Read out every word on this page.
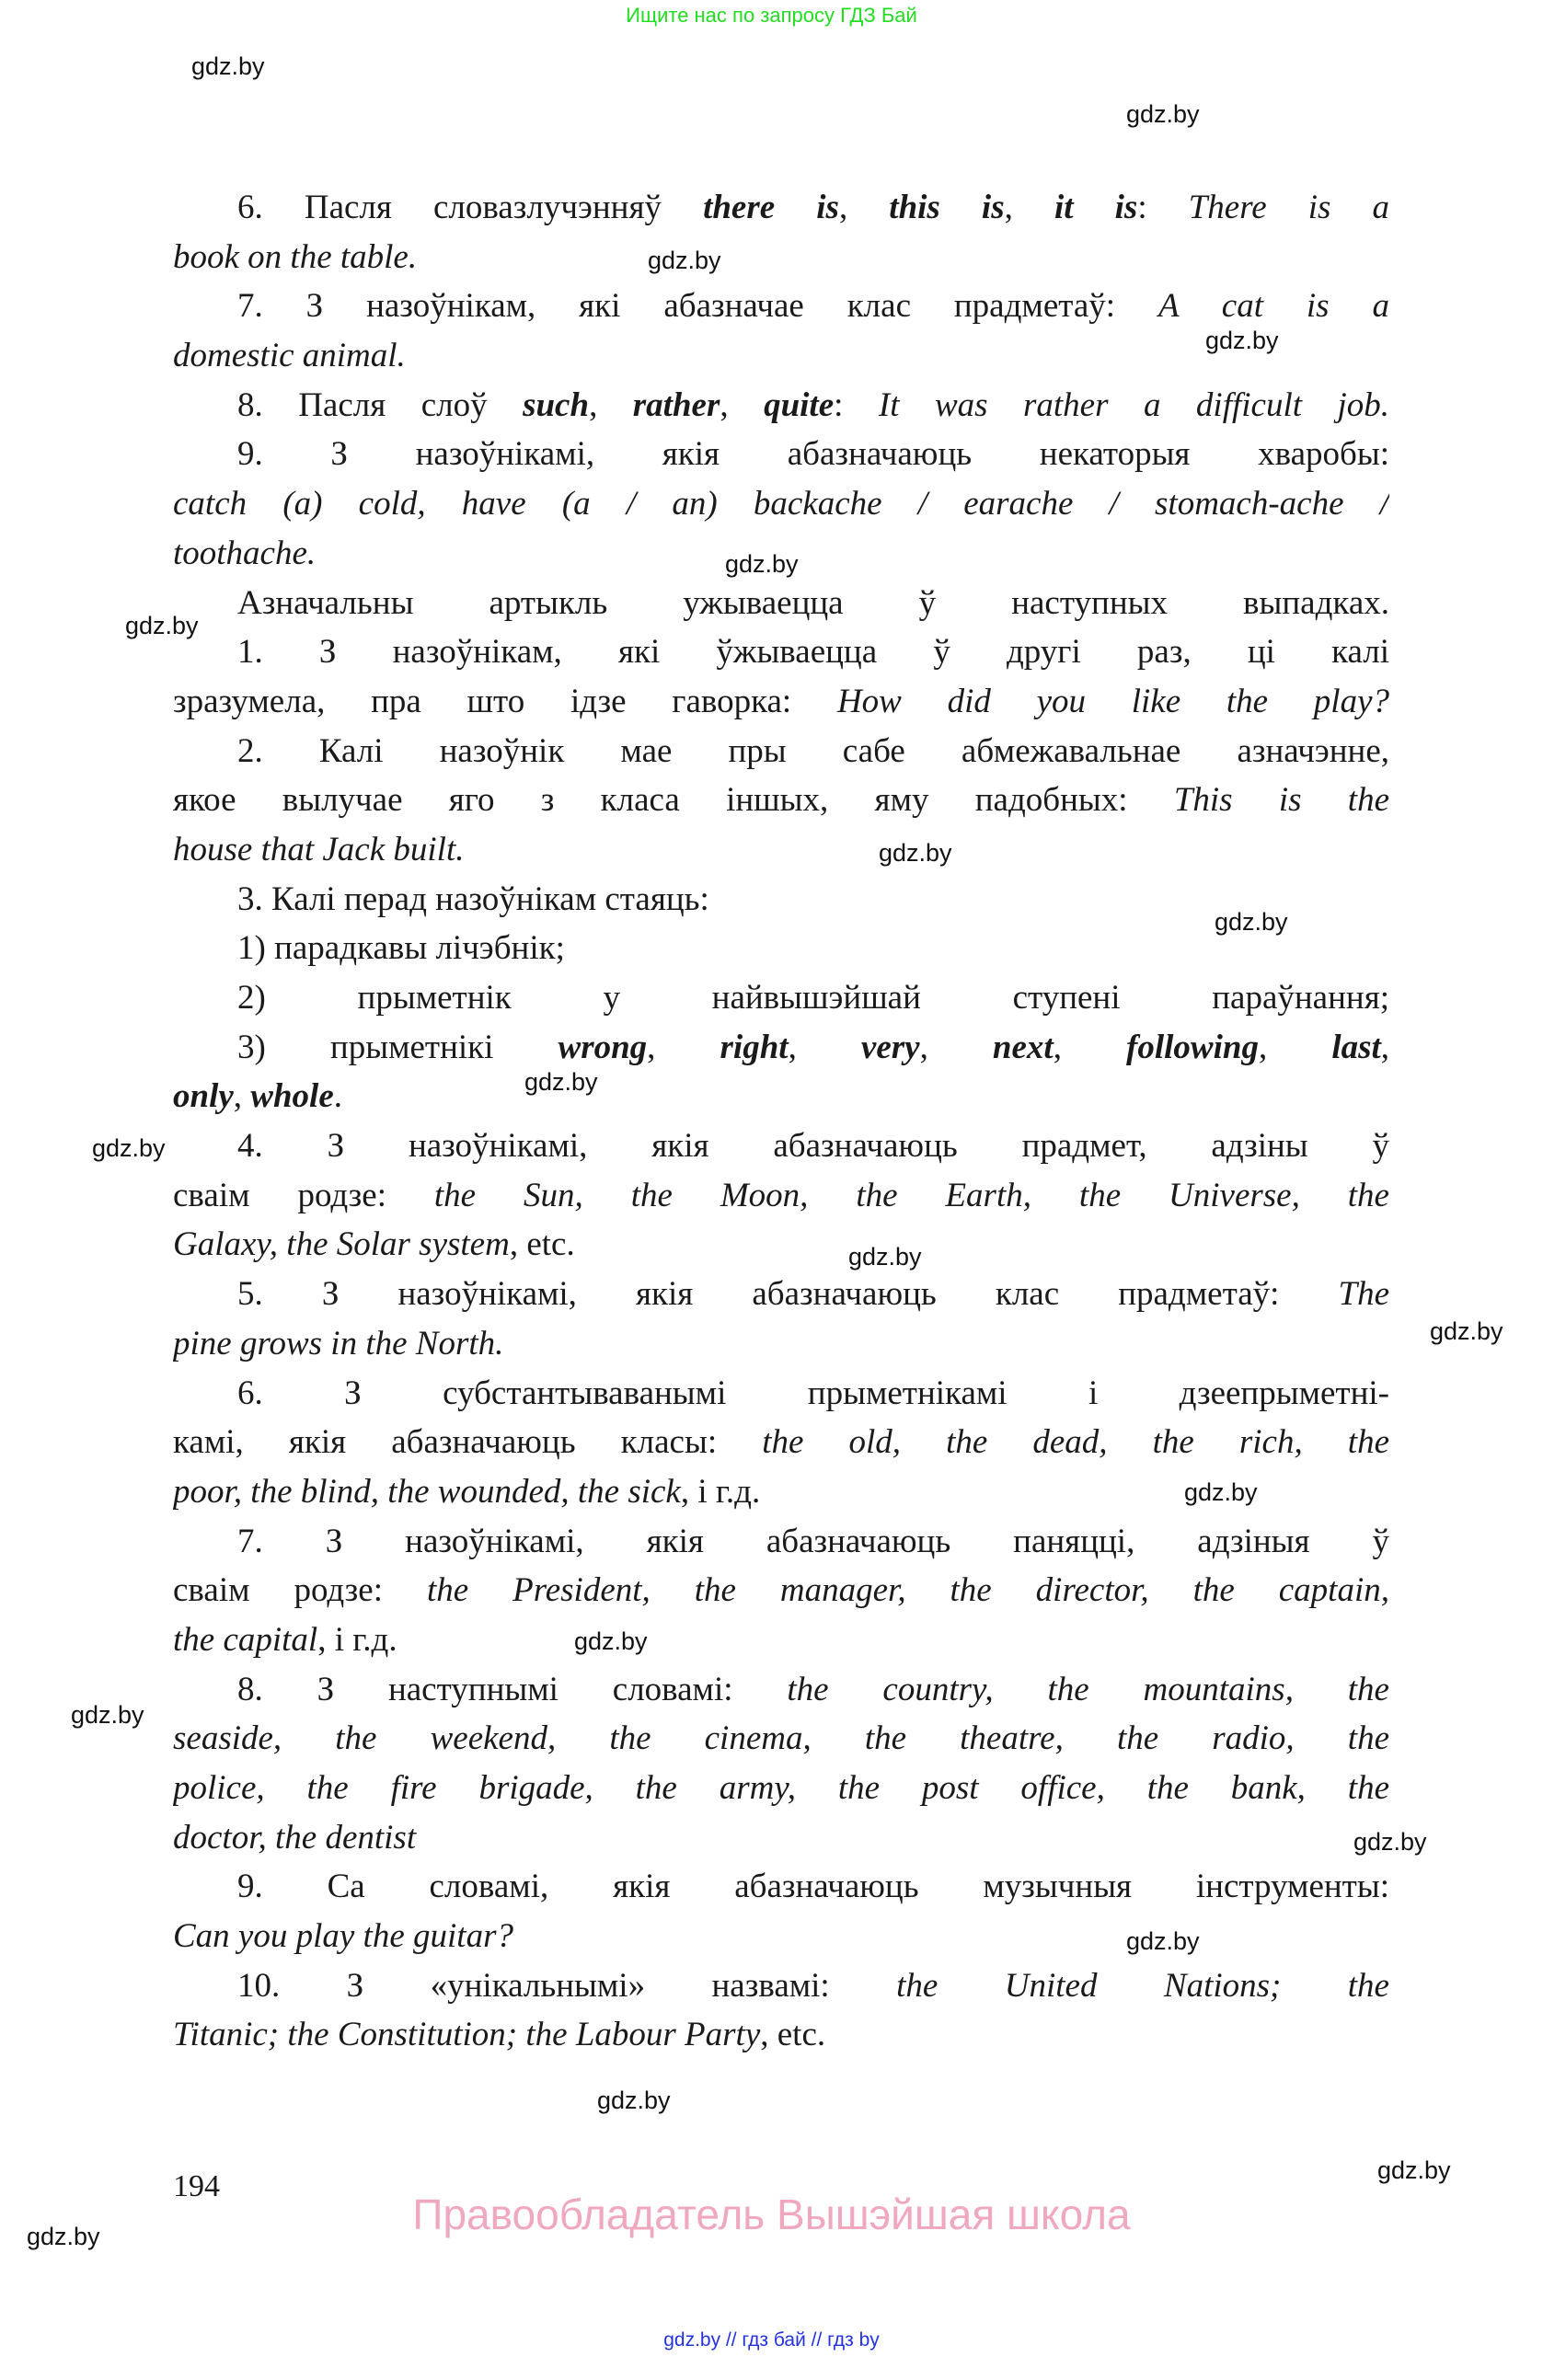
Ищите нас по запросу ГДЗ Бай
gdz.by
gdz.by
gdz.by
gdz.by
gdz.by
gdz.by
gdz.by
gdz.by
gdz.by
gdz.by
gdz.by
gdz.by
gdz.by
gdz.by
gdz.by
gdz.by
gdz.by
gdz.by
gdz.by
gdz.by
6. Пасля словазлучэнняў there is, this is, it is: There is a
book on the table.
7. З назоўнікам, які абазначае клас прадметаў: A cat is a
domestic animal.
8. Пасля слоў such, rather, quite: It was rather a difficult job.
9. З назоўнікамі, якія абазначаюць некаторыя хваробы:
catch (a) cold, have (a / an) backache / earache / stomach-ache /
toothache.
Азначальны артыкль ужываецца ў наступных выпадках.
1. З назоўнікам, які ўжываецца ў другі раз, ці калі
зразумела, пра што ідзе гаворка: How did you like the play?
2. Калі назоўнік мае пры сабе абмежавальнае азначэнне,
якое вылучае яго з класа іншых, яму падобных: This is the
house that Jack built.
3. Калі перад назоўнікам стаяць:
1) парадкавы лічэбнік;
2) прыметнік у найвышэйшай ступені параўнання;
3) прыметнікі wrong, right, very, next, following, last,
only, whole.
4. З назоўнікамі, якія абазначаюць прадмет, адзіны ў
сваім родзе: the Sun, the Moon, the Earth, the Universe, the
Galaxy, the Solar system, etc.
5. З назоўнікамі, якія абазначаюць клас прадметаў: The
pine grows in the North.
6. З субстантываванымі прыметнікамі і дзеепрыметні-
камі, якія абазначаюць класы: the old, the dead, the rich, the
poor, the blind, the wounded, the sick, і г.д.
7. З назоўнікамі, якія абазначаюць паняцці, адзіныя ў
сваім родзе: the President, the manager, the director, the captain,
the capital, і г.д.
8. З наступнымі словамі: the country, the mountains, the
seaside, the weekend, the cinema, the theatre, the radio, the
police, the fire brigade, the army, the post office, the bank, the
doctor, the dentist
9. Са словамі, якія абазначаюць музычныя інструменты:
Can you play the guitar?
10. З «унікальнымі» назвамі: the United Nations; the
Titanic; the Constitution; the Labour Party, etc.
194
Правообладатель Вышэйшая школа
gdz.by // гдз бай // гдз by
